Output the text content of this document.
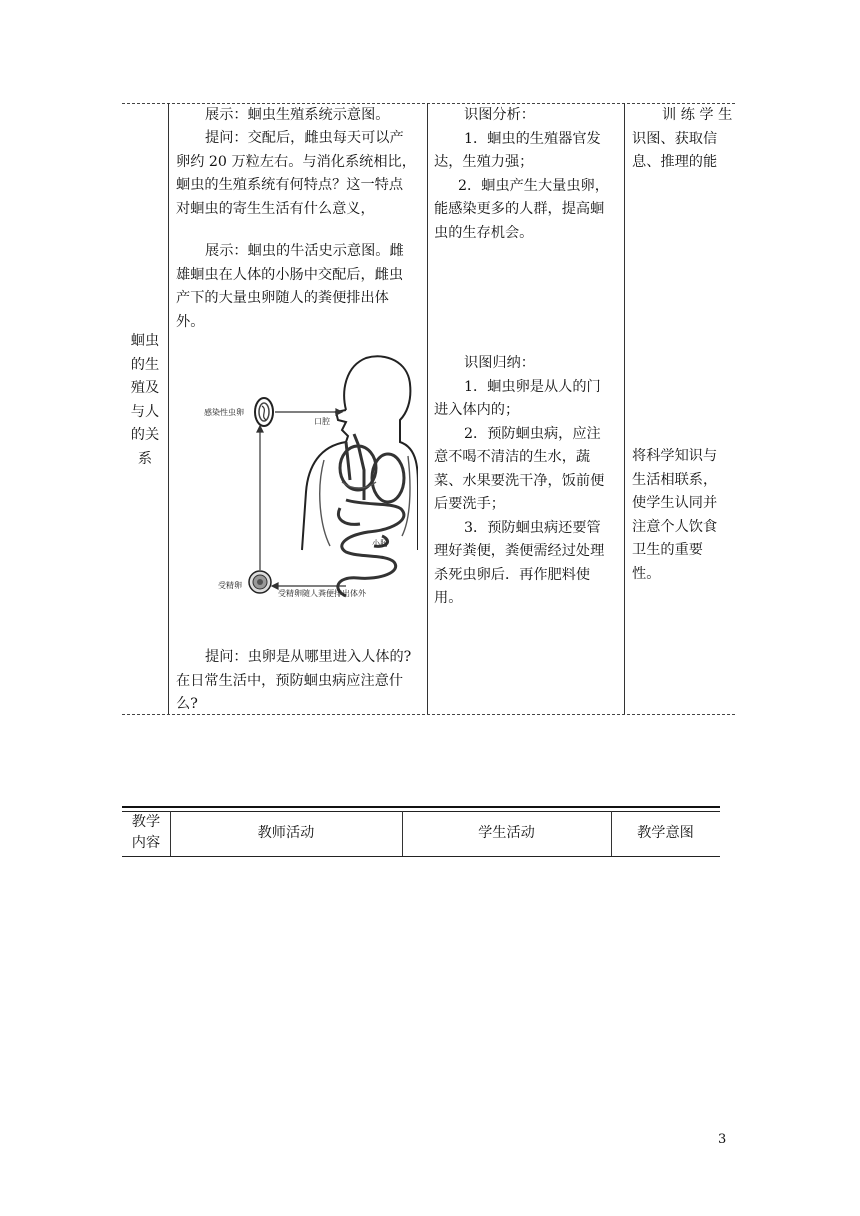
蛔虫
的生
殖及
与人
的关
系
展示：蛔虫生殖系统示意图。
提问：交配后，雌虫每天可以产
卵约 20 万粒左右。与消化系统相比，
蛔虫的生殖系统有何特点？这一特点
对蛔虫的寄生生活有什么意义，
展示：蛔虫的牛活史示意图。雌
雄蛔虫在人体的小肠中交配后，雌虫
产下的大量虫卵随人的粪便排出体
外。
感染性虫卵
口腔
小肠
受精卵
受精卵随人粪便排出体外
提问：虫卵是从哪里进入人体的?
在日常生活中，预防蛔虫病应注意什
么?
识图分析：
1．蛔虫的生殖器官发
达，生殖力强；
2．蛔虫产生大量虫卵，
能感染更多的人群，提高蛔
虫的生存机会。
识图归纳：
1．蛔虫卵是从人的门
进入体内的；
2．预防蛔虫病，应注
意不喝不清洁的生水，蔬
菜、水果要洗干净，饭前便
后要洗手；
3．预防蛔虫病还要管
理好粪便，粪便需经过处理
杀死虫卵后．再作肥料使
用。
训 练 学 生
识图、获取信
息、推理的能
将科学知识与
生活相联系，
使学生认同并
注意个人饮食
卫生的重要
性。
教学
内容
教师活动	学生活动	教学意图
3
